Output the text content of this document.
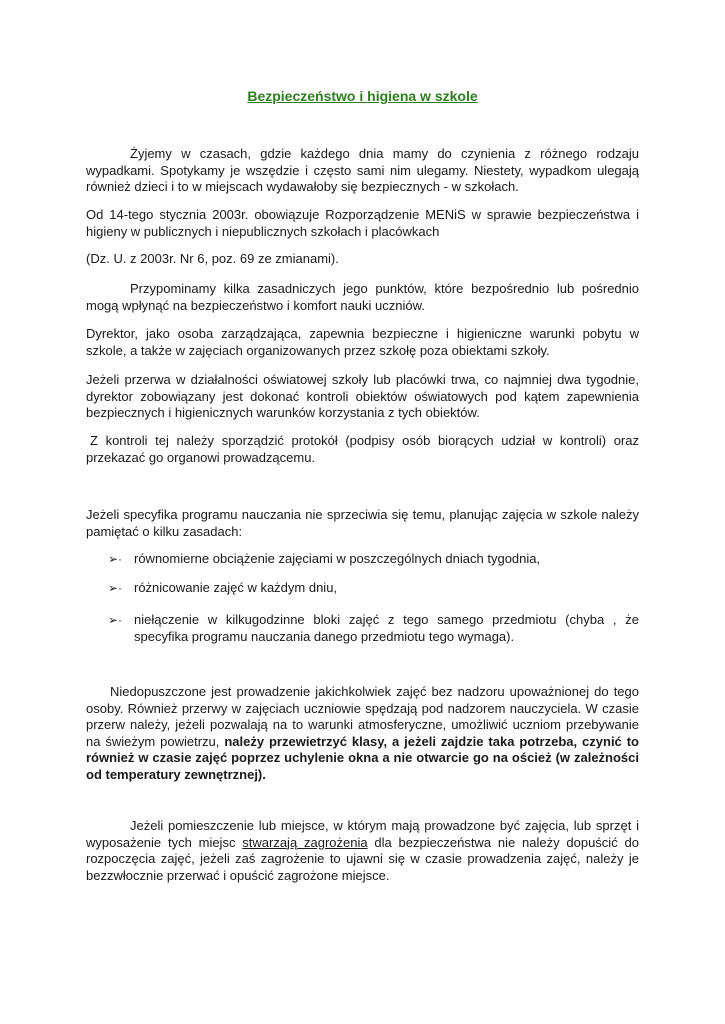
Bezpieczeństwo i higiena w szkole

Żyjemy w czasach, gdzie każdego dnia mamy do czynienia z różnego rodzaju wypadkami. Spotykamy je wszędzie i często sami nim ulegamy. Niestety, wypadkom ulegają również dzieci i to w miejscach wydawałoby się bezpiecznych - w szkołach.

Od 14-tego stycznia 2003r. obowiązuje Rozporządzenie MENiS w sprawie bezpieczeństwa i higieny w publicznych i niepublicznych szkołach i placówkach

(Dz. U. z 2003r. Nr 6, poz. 69 ze zmianami).

Przypominamy kilka zasadniczych jego punktów, które bezpośrednio lub pośrednio mogą wpłynąć na bezpieczeństwo i komfort nauki uczniów.

Dyrektor, jako osoba zarządzająca, zapewnia bezpieczne i higieniczne warunki pobytu w szkole, a także w zajęciach organizowanych przez szkołę poza obiektami szkoły.

Jeżeli przerwa w działalności oświatowej szkoły lub placówki trwa, co najmniej dwa tygodnie, dyrektor zobowiązany jest dokonać kontroli obiektów oświatowych pod kątem zapewnienia bezpiecznych i higienicznych warunków korzystania z tych obiektów.

Z kontroli tej należy sporządzić protokół (podpisy osób biorących udział w kontroli) oraz przekazać go organowi prowadzącemu.

Jeżeli specyfika programu nauczania nie sprzeciwia się temu, planując zajęcia w szkole należy pamiętać o kilku zasadach:

➢· równomierne obciążenie zajęciami w poszczególnych dniach tygodnia,
➢· różnicowanie zajęć w każdym dniu,
➢· niełączenie w kilkugodzinne bloki zajęć z tego samego przedmiotu (chyba , że specyfika programu nauczania danego przedmiotu tego wymaga).

Niedopuszczone jest prowadzenie jakichkolwiek zajęć bez nadzoru upoważnionej do tego osoby. Również przerwy w zajęciach uczniowie spędzają pod nadzorem nauczyciela. W czasie przerw należy, jeżeli pozwalają na to warunki atmosferyczne, umożliwić uczniom przebywanie na świeżym powietrzu, należy przewietrzyć klasy, a jeżeli zajdzie taka potrzeba, czynić to również w czasie zajęć poprzez uchylenie okna a nie otwarcie go na oścież (w zależności od temperatury zewnętrznej).

Jeżeli pomieszczenie lub miejsce, w którym mają prowadzone być zajęcia, lub sprzęt i wyposażenie tych miejsc stwarzają zagrożenia dla bezpieczeństwa nie należy dopuścić do rozpoczęcia zajęć, jeżeli zaś zagrożenie to ujawni się w czasie prowadzenia zajęć, należy je bezzwłocznie przerwać i opuścić zagrożone miejsce.
